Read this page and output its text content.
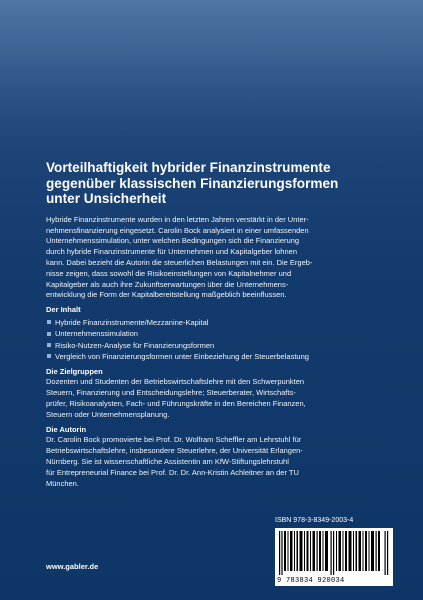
Vorteilhaftigkeit hybrider Finanzinstrumente
gegenüber klassischen Finanzierungsformen
unter Unsicherheit
Hybride Finanzinstrumente wurden in den letzten Jahren verstärkt in der Unter-
nehmensfinanzierung eingesetzt. Carolin Bock analysiert in einer umfassenden
Unternehmenssimulation, unter welchen Bedingungen sich die Finanzierung
durch hybride Finanzinstrumente für Unternehmen und Kapitalgeber lohnen
kann. Dabei bezieht die Autorin die steuerlichen Belastungen mit ein. Die Ergeb-
nisse zeigen, dass sowohl die Risikoeinstellungen von Kapitalnehmer und
Kapitalgeber als auch ihre Zukunftserwartungen über die Unternehmens-
entwicklung die Form der Kapitalbereitstellung maßgeblich beeinflussen.
Der Inhalt
Hybride Finanzinstrumente/Mezzanine-Kapital
Unternehmenssimulation
Risiko-Nutzen-Analyse für Finanzierungsformen
Vergleich von Finanzierungsformen unter Einbeziehung der Steuerbelastung
Die Zielgruppen
Dozenten und Studenten der Betriebswirtschaftslehre mit den Schwerpunkten
Steuern, Finanzierung und Entscheidungslehre; Steuerberater, Wirtschafts-
prüfer, Risikoanalysten, Fach- und Führungskräfte in den Bereichen Finanzen,
Steuern oder Unternehmensplanung.
Die Autorin
Dr. Carolin Bock promovierte bei Prof. Dr. Wolfram Scheffler am Lehrstuhl für
Betriebswirtschaftslehre, insbesondere Steuerlehre, der Universität Erlangen-
Nürnberg. Sie ist wissenschaftliche Assistentin am KfW-Stiftungslehrstuhl
für Entrepreneurial Finance bei Prof. Dr. Dr. Ann-Kristin Achleitner an der TU
München.
ISBN 978-3-8349-2003-4
9 783834 920034
www.gabler.de
